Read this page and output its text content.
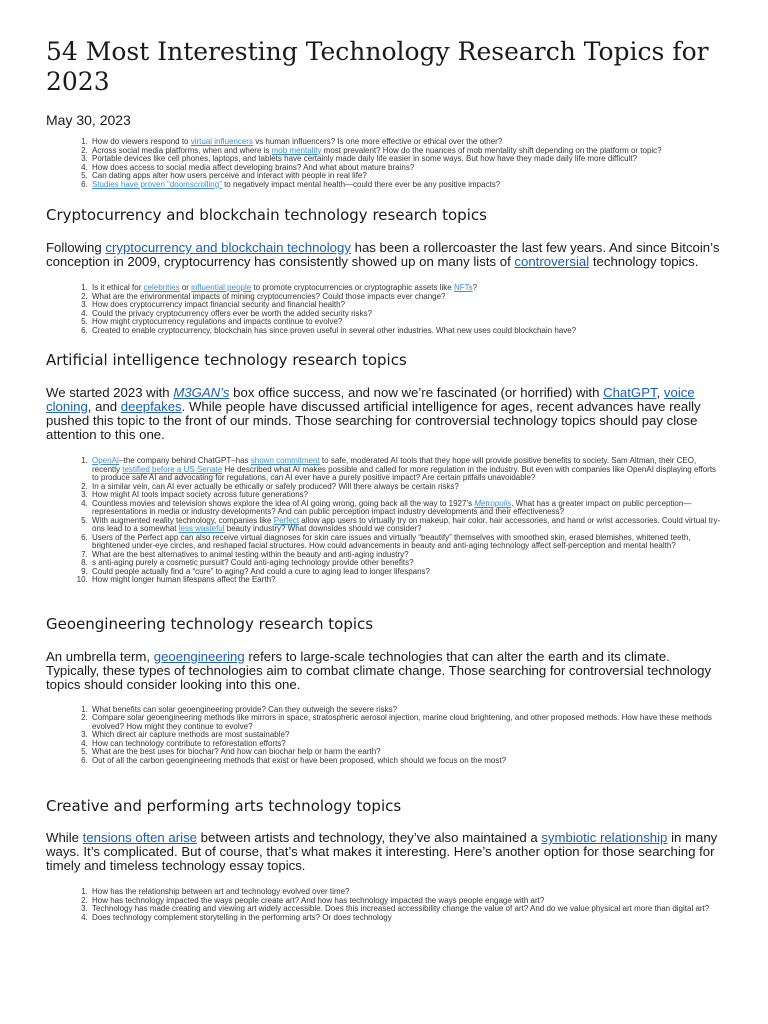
54 Most Interesting Technology Research Topics for 2023
May 30, 2023
1. How do viewers respond to virtual influencers vs human influencers? Is one more effective or ethical over the other?
2. Across social media platforms, when and where is mob mentality most prevalent? How do the nuances of mob mentality shift depending on the platform or topic?
3. Portable devices like cell phones, laptops, and tablets have certainly made daily life easier in some ways. But how have they made daily life more difficult?
4. How does access to social media affect developing brains? And what about mature brains?
5. Can dating apps alter how users perceive and interact with people in real life?
6. Studies have proven “doomscrolling” to negatively impact mental health—could there ever be any positive impacts?
Cryptocurrency and blockchain technology research topics

Following cryptocurrency and blockchain technology has been a rollercoaster the last few years. And since Bitcoin’s conception in 2009, cryptocurrency has consistently showed up on many lists of controversial technology topics.

1. Is it ethical for celebrities or influential people to promote cryptocurrencies or cryptographic assets like NFTs?
2. What are the environmental impacts of mining cryptocurrencies? Could those impacts ever change?
3. How does cryptocurrency impact financial security and financial health?
4. Could the privacy cryptocurrency offers ever be worth the added security risks?
5. How might cryptocurrency regulations and impacts continue to evolve?
6. Created to enable cryptocurrency, blockchain has since proven useful in several other industries. What new uses could blockchain have?
Artificial intelligence technology research topics

We started 2023 with M3GAN’s box office success, and now we’re fascinated (or horrified) with ChatGPT, voice cloning, and deepfakes. While people have discussed artificial intelligence for ages, recent advances have really pushed this topic to the front of our minds. Those searching for controversial technology topics should pay close attention to this one.

1. OpenAI–the company behind ChatGPT–has shown commitment to safe, moderated AI tools that they hope will provide positive benefits to society. Sam Altman, their CEO, recently testified before a US Senate He described what AI makes possible and called for more regulation in the industry. But even with companies like OpenAI displaying efforts to produce safe AI and advocating for regulations, can AI ever have a purely positive impact? Are certain pitfalls unavoidable?
2. In a similar vein, can AI ever actually be ethically or safely produced? Will there always be certain risks?
3. How might AI tools impact society across future generations?
4. Countless movies and television shows explore the idea of AI going wrong, going back all the way to 1927’s Metropolis. What has a greater impact on public perception—representations in media or industry developments? And can public perception impact industry developments and their effectiveness?
5. With augmented reality technology, companies like Perfect allow app users to virtually try on makeup, hair color, hair accessories, and hand or wrist accessories. Could virtual try-ons lead to a somewhat less wasteful beauty industry? What downsides should we consider?
6. Users of the Perfect app can also receive virtual diagnoses for skin care issues and virtually “beautify” themselves with smoothed skin, erased blemishes, whitened teeth, brightened under-eye circles, and reshaped facial structures. How could advancements in beauty and anti-aging technology affect self-perception and mental health?
7. What are the best alternatives to animal testing within the beauty and anti-aging industry?
8. s anti-aging purely a cosmetic pursuit? Could anti-aging technology provide other benefits?
9. Could people actually find a “cure” to aging? And could a cure to aging lead to longer lifespans?
10. How might longer human lifespans affect the Earth?
Geoengineering technology research topics

An umbrella term, geoengineering refers to large-scale technologies that can alter the earth and its climate. Typically, these types of technologies aim to combat climate change. Those searching for controversial technology topics should consider looking into this one.

1. What benefits can solar geoengineering provide? Can they outweigh the severe risks?
2. Compare solar geoengineering methods like mirrors in space, stratospheric aerosol injection, marine cloud brightening, and other proposed methods. How have these methods evolved? How might they continue to evolve?
3. Which direct air capture methods are most sustainable?
4. How can technology contribute to reforestation efforts?
5. What are the best uses for biochar? And how can biochar help or harm the earth?
6. Out of all the carbon geoengineering methods that exist or have been proposed, which should we focus on the most?
Creative and performing arts technology topics

While tensions often arise between artists and technology, they’ve also maintained a symbiotic relationship in many ways. It’s complicated. But of course, that’s what makes it interesting. Here’s another option for those searching for timely and timeless technology essay topics.

1. How has the relationship between art and technology evolved over time?
2. How has technology impacted the ways people create art? And how has technology impacted the ways people engage with art?
3. Technology has made creating and viewing art widely accessible. Does this increased accessibility change the value of art? And do we value physical art more than digital art?
4. Does technology complement storytelling in the performing arts? Or does technology
